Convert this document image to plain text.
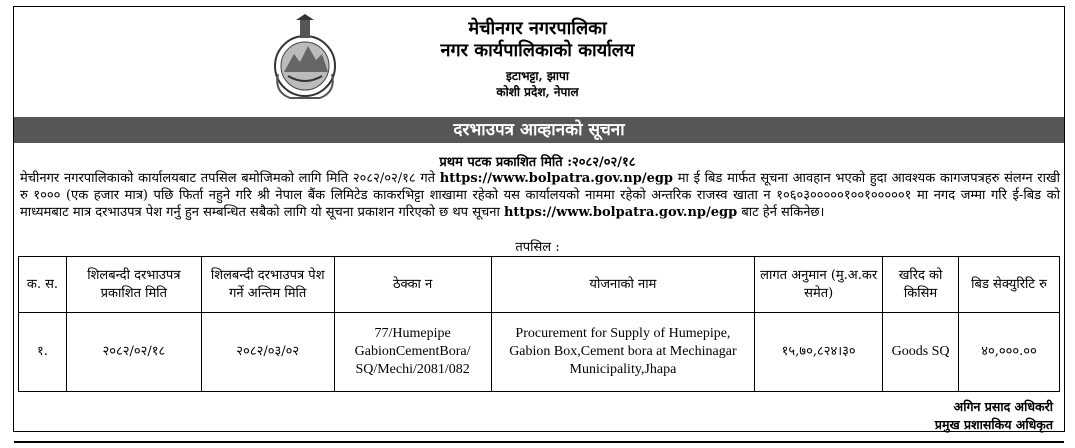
मेचीनगर नगरपालिका
नगर कार्यपालिकाको कार्यालय
इटाभट्टा, झापा
कोशी प्रदेश, नेपाल
दरभाउपत्र आव्हानको सूचना
प्रथम पटक प्रकाशित मिति :२०८२/०२/१८
मेचीनगर नगरपालिकाको कार्यालयबाट तपसिल बमोजिमको लागि मिति २०८२/०२/१८ गते https://www.bolpatra.gov.np/egp मा ई बिड मार्फत सूचना आवहान भएको हुदा आवश्यक कागजपत्रहरु संलग्न राखी रु १००० (एक हजार मात्र) पछि फिर्ता नहुने गरि श्री नेपाल बैंक लिमिटेड काकरभिट्टा शाखामा रहेको यस कार्यालयको नाममा रहेको अन्तरिक राजस्व खाता न १०६०३०००००१००१०००००१ मा नगद जम्मा गरि ई-बिड को माध्यमबाट मात्र दरभाउपत्र पेश गर्नु हुन सम्बन्धित सबैको लागि यो सूचना प्रकाशन गरिएको छ थप सूचना https://www.bolpatra.gov.np/egp बाट हेर्न सकिनेछ।
तपसिल :
क. स.	शिलबन्दी दरभाउपत्र प्रकाशित मिति	शिलबन्दी दरभाउपत्र पेश गर्ने अन्तिम मिति	ठेक्का न	योजनाको नाम	लागत अनुमान (मु.अ.कर समेत)	खरिद को किसिम	बिड सेक्युरिटि रु
१.	२०८२/०२/१८	२०८२/०३/०२	77/Humepipe GabionCementBora/ SQ/Mechi/2081/082	Procurement for Supply of Humepipe, Gabion Box,Cement bora at Mechinagar Municipality,Jhapa	१५,७०,८२४।३०	Goods SQ	४०,०००.००
अगिन प्रसाद अधिकरी
प्रमुख प्रशासकिय अधिकृत
